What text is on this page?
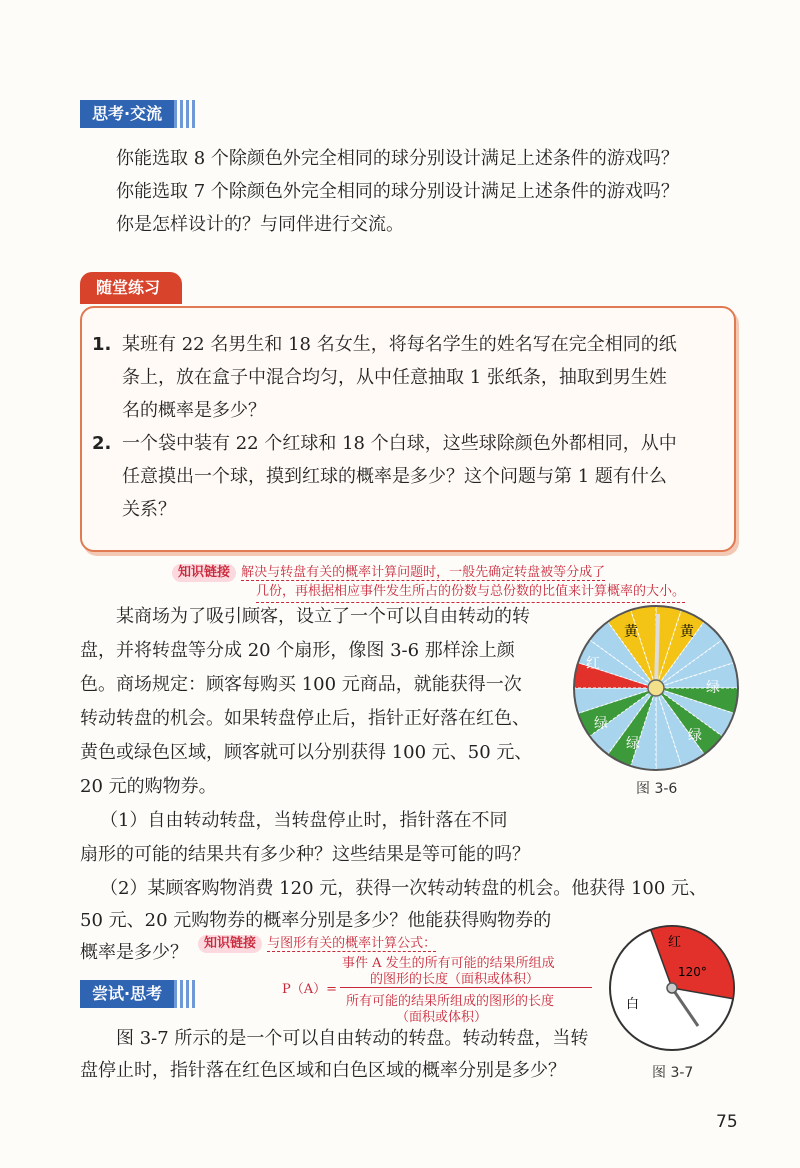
思考·交流
你能选取 8 个除颜色外完全相同的球分别设计满足上述条件的游戏吗？
你能选取 7 个除颜色外完全相同的球分别设计满足上述条件的游戏吗？
你是怎样设计的？与同伴进行交流。
随堂练习
1. 某班有 22 名男生和 18 名女生，将每名学生的姓名写在完全相同的纸
条上，放在盒子中混合均匀，从中任意抽取 1 张纸条，抽取到男生姓
名的概率是多少？
2. 一个袋中装有 22 个红球和 18 个白球，这些球除颜色外都相同，从中
任意摸出一个球，摸到红球的概率是多少？这个问题与第 1 题有什么
关系？
知识链接 解决与转盘有关的概率计算问题时，一般先确定转盘被等分成了
几份，再根据相应事件发生所占的份数与总份数的比值来计算概率的大小。
某商场为了吸引顾客，设立了一个可以自由转动的转
盘，并将转盘等分成 20 个扇形，像图 3-6 那样涂上颜
色。商场规定：顾客每购买 100 元商品，就能获得一次
转动转盘的机会。如果转盘停止后，指针正好落在红色、
黄色或绿色区域，顾客就可以分别获得 100 元、50 元、
20 元的购物券。
（1）自由转动转盘，当转盘停止时，指针落在不同
扇形的可能的结果共有多少种？这些结果是等可能的吗？
（2）某顾客购物消费 120 元，获得一次转动转盘的机会。他获得 100 元、
50 元、20 元购物券的概率分别是多少？他能获得购物券的
概率是多少？
黄	黄
红
绿
绿
绿
绿
图 3-6
知识链接 与图形有关的概率计算公式：
P（A）=
事件 A 发生的所有可能的结果所组成
的图形的长度（面积或体积）
所有可能的结果所组成的图形的长度
（面积或体积）
尝试·思考
图 3-7 所示的是一个可以自由转动的转盘。转动转盘，当转
盘停止时，指针落在红色区域和白色区域的概率分别是多少？
红
120°
白
图 3-7
75
